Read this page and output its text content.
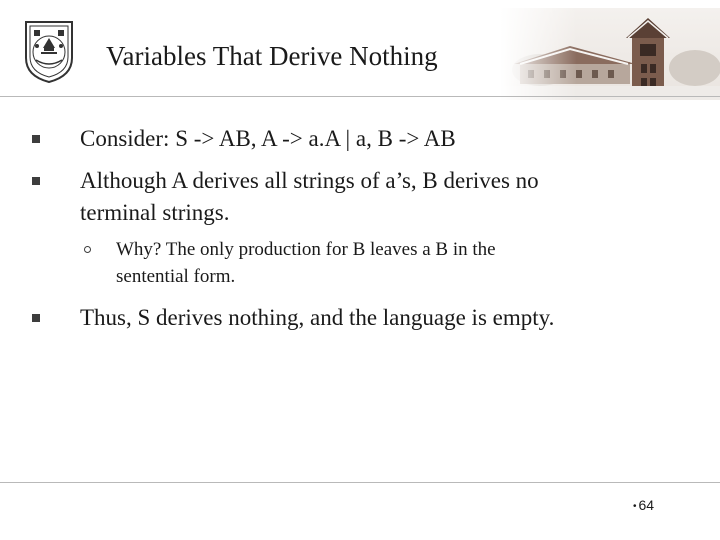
Variables That Derive Nothing
Consider: S -> AB, A -> a.A | a, B -> AB
Although A derives all strings of a’s, B derives no
terminal strings.
Why? The only production for B leaves a B in the
sentential form.
Thus, S derives nothing, and the language is empty.
• 64
